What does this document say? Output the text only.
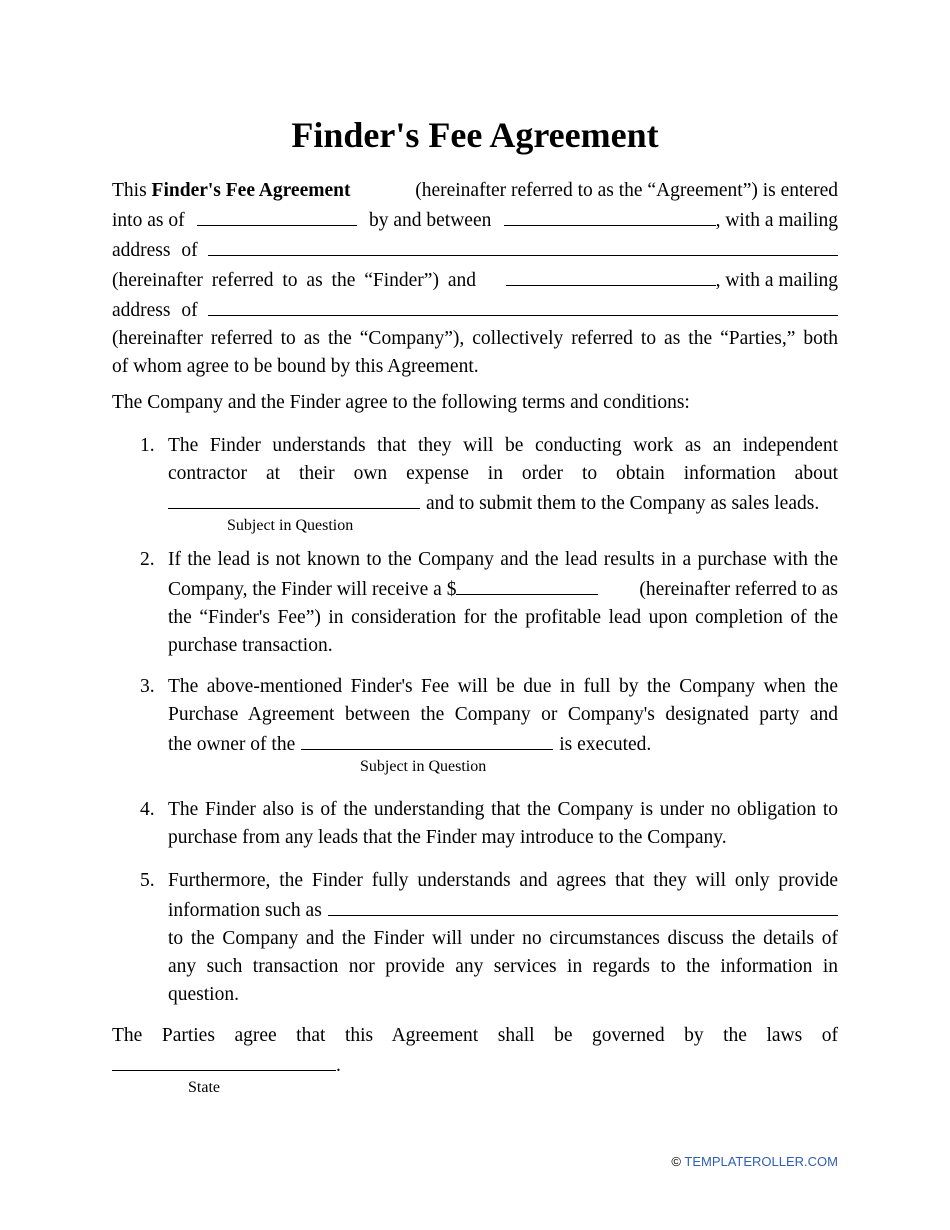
Finder's Fee Agreement
This Finder's Fee Agreement	(hereinafter referred to as the “Agreement”) is entered
into as of	by and between	, with a mailing
address of
(hereinafter referred to as the “Finder”) and	, with a mailing
address of
(hereinafter referred to as the “Company”), collectively referred to as the “Parties,” both
of whom agree to be bound by this Agreement.
The Company and the Finder agree to the following terms and conditions:
1. The Finder understands that they will be conducting work as an independent
contractor at their own expense in order to obtain information about
and to submit them to the Company as sales leads.
Subject in Question
2. If the lead is not known to the Company and the lead results in a purchase with the
Company, the Finder will receive a $	(hereinafter referred to as
the “Finder's Fee”) in consideration for the profitable lead upon completion of the
purchase transaction.
3. The above-mentioned Finder's Fee will be due in full by the Company when the
Purchase Agreement between the Company or Company's designated party and
the owner of the	is executed.
Subject in Question
4. The Finder also is of the understanding that the Company is under no obligation to
purchase from any leads that the Finder may introduce to the Company.
5. Furthermore, the Finder fully understands and agrees that they will only provide
information such as
to the Company and the Finder will under no circumstances discuss the details of
any such transaction nor provide any services in regards to the information in
question.
The Parties agree that this Agreement shall be governed by the laws of
.
State
© TEMPLATEROLLER.COM
